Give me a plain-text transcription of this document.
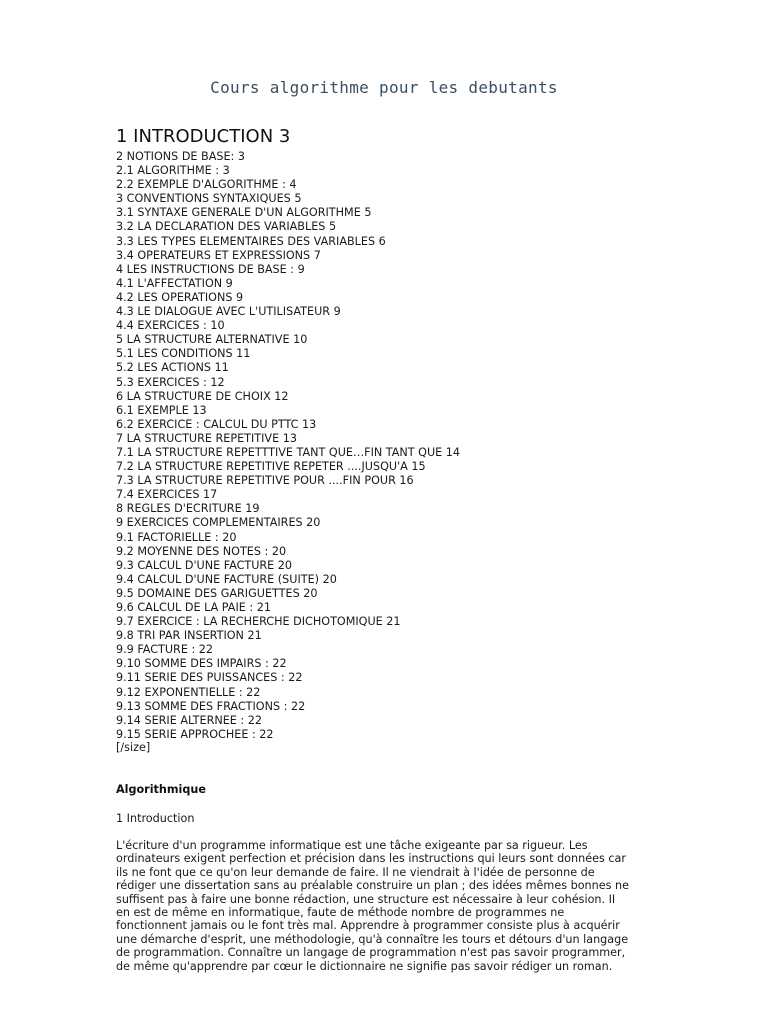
Cours algorithme pour les debutants
1 INTRODUCTION 3
2 NOTIONS DE BASE: 3
2.1 ALGORITHME : 3
2.2 EXEMPLE D'ALGORITHME : 4
3 CONVENTIONS SYNTAXIQUES 5
3.1 SYNTAXE GENERALE D'UN ALGORITHME 5
3.2 LA DECLARATION DES VARIABLES 5
3.3 LES TYPES ELEMENTAIRES DES VARIABLES 6
3.4 OPERATEURS ET EXPRESSIONS 7
4 LES INSTRUCTIONS DE BASE : 9
4.1 L'AFFECTATION 9
4.2 LES OPERATIONS 9
4.3 LE DIALOGUE AVEC L'UTILISATEUR 9
4.4 EXERCICES : 10
5 LA STRUCTURE ALTERNATIVE 10
5.1 LES CONDITIONS 11
5.2 LES ACTIONS 11
5.3 EXERCICES : 12
6 LA STRUCTURE DE CHOIX 12
6.1 EXEMPLE 13
6.2 EXERCICE : CALCUL DU PTTC 13
7 LA STRUCTURE REPETITIVE 13
7.1 LA STRUCTURE REPETTTIVE TANT QUE…FIN TANT QUE 14
7.2 LA STRUCTURE REPETITIVE REPETER ....JUSQU'A 15
7.3 LA STRUCTURE REPETITIVE POUR ....FIN POUR 16
7.4 EXERCICES 17
8 REGLES D'ECRITURE 19
9 EXERCICES COMPLEMENTAIRES 20
9.1 FACTORIELLE : 20
9.2 MOYENNE DES NOTES : 20
9.3 CALCUL D'UNE FACTURE 20
9.4 CALCUL D'UNE FACTURE (SUITE) 20
9.5 DOMAINE DES GARIGUETTES 20
9.6 CALCUL DE LA PAIE : 21
9.7 EXERCICE : LA RECHERCHE DICHOTOMIQUE 21
9.8 TRI PAR INSERTION 21
9.9 FACTURE : 22
9.10 SOMME DES IMPAIRS : 22
9.11 SERIE DES PUISSANCES : 22
9.12 EXPONENTIELLE : 22
9.13 SOMME DES FRACTIONS : 22
9.14 SERIE ALTERNEE : 22
9.15 SERIE APPROCHEE : 22
[/size]
Algorithmique
1 Introduction

L'écriture d'un programme informatique est une tâche exigeante par sa rigueur. Les
ordinateurs exigent perfection et précision dans les instructions qui leurs sont données car
ils ne font que ce qu'on leur demande de faire. Il ne viendrait à l'idée de personne de
rédiger une dissertation sans au préalable construire un plan ; des idées mêmes bonnes ne
suffisent pas à faire une bonne rédaction, une structure est nécessaire à leur cohésion. II
en est de même en informatique, faute de méthode nombre de programmes ne
fonctionnent jamais ou le font très mal. Apprendre à programmer consiste plus à acquérir
une démarche d'esprit, une méthodologie, qu'à connaître les tours et détours d'un langage
de programmation. Connaître un langage de programmation n'est pas savoir programmer,
de même qu'apprendre par cœur le dictionnaire ne signifie pas savoir rédiger un roman.
